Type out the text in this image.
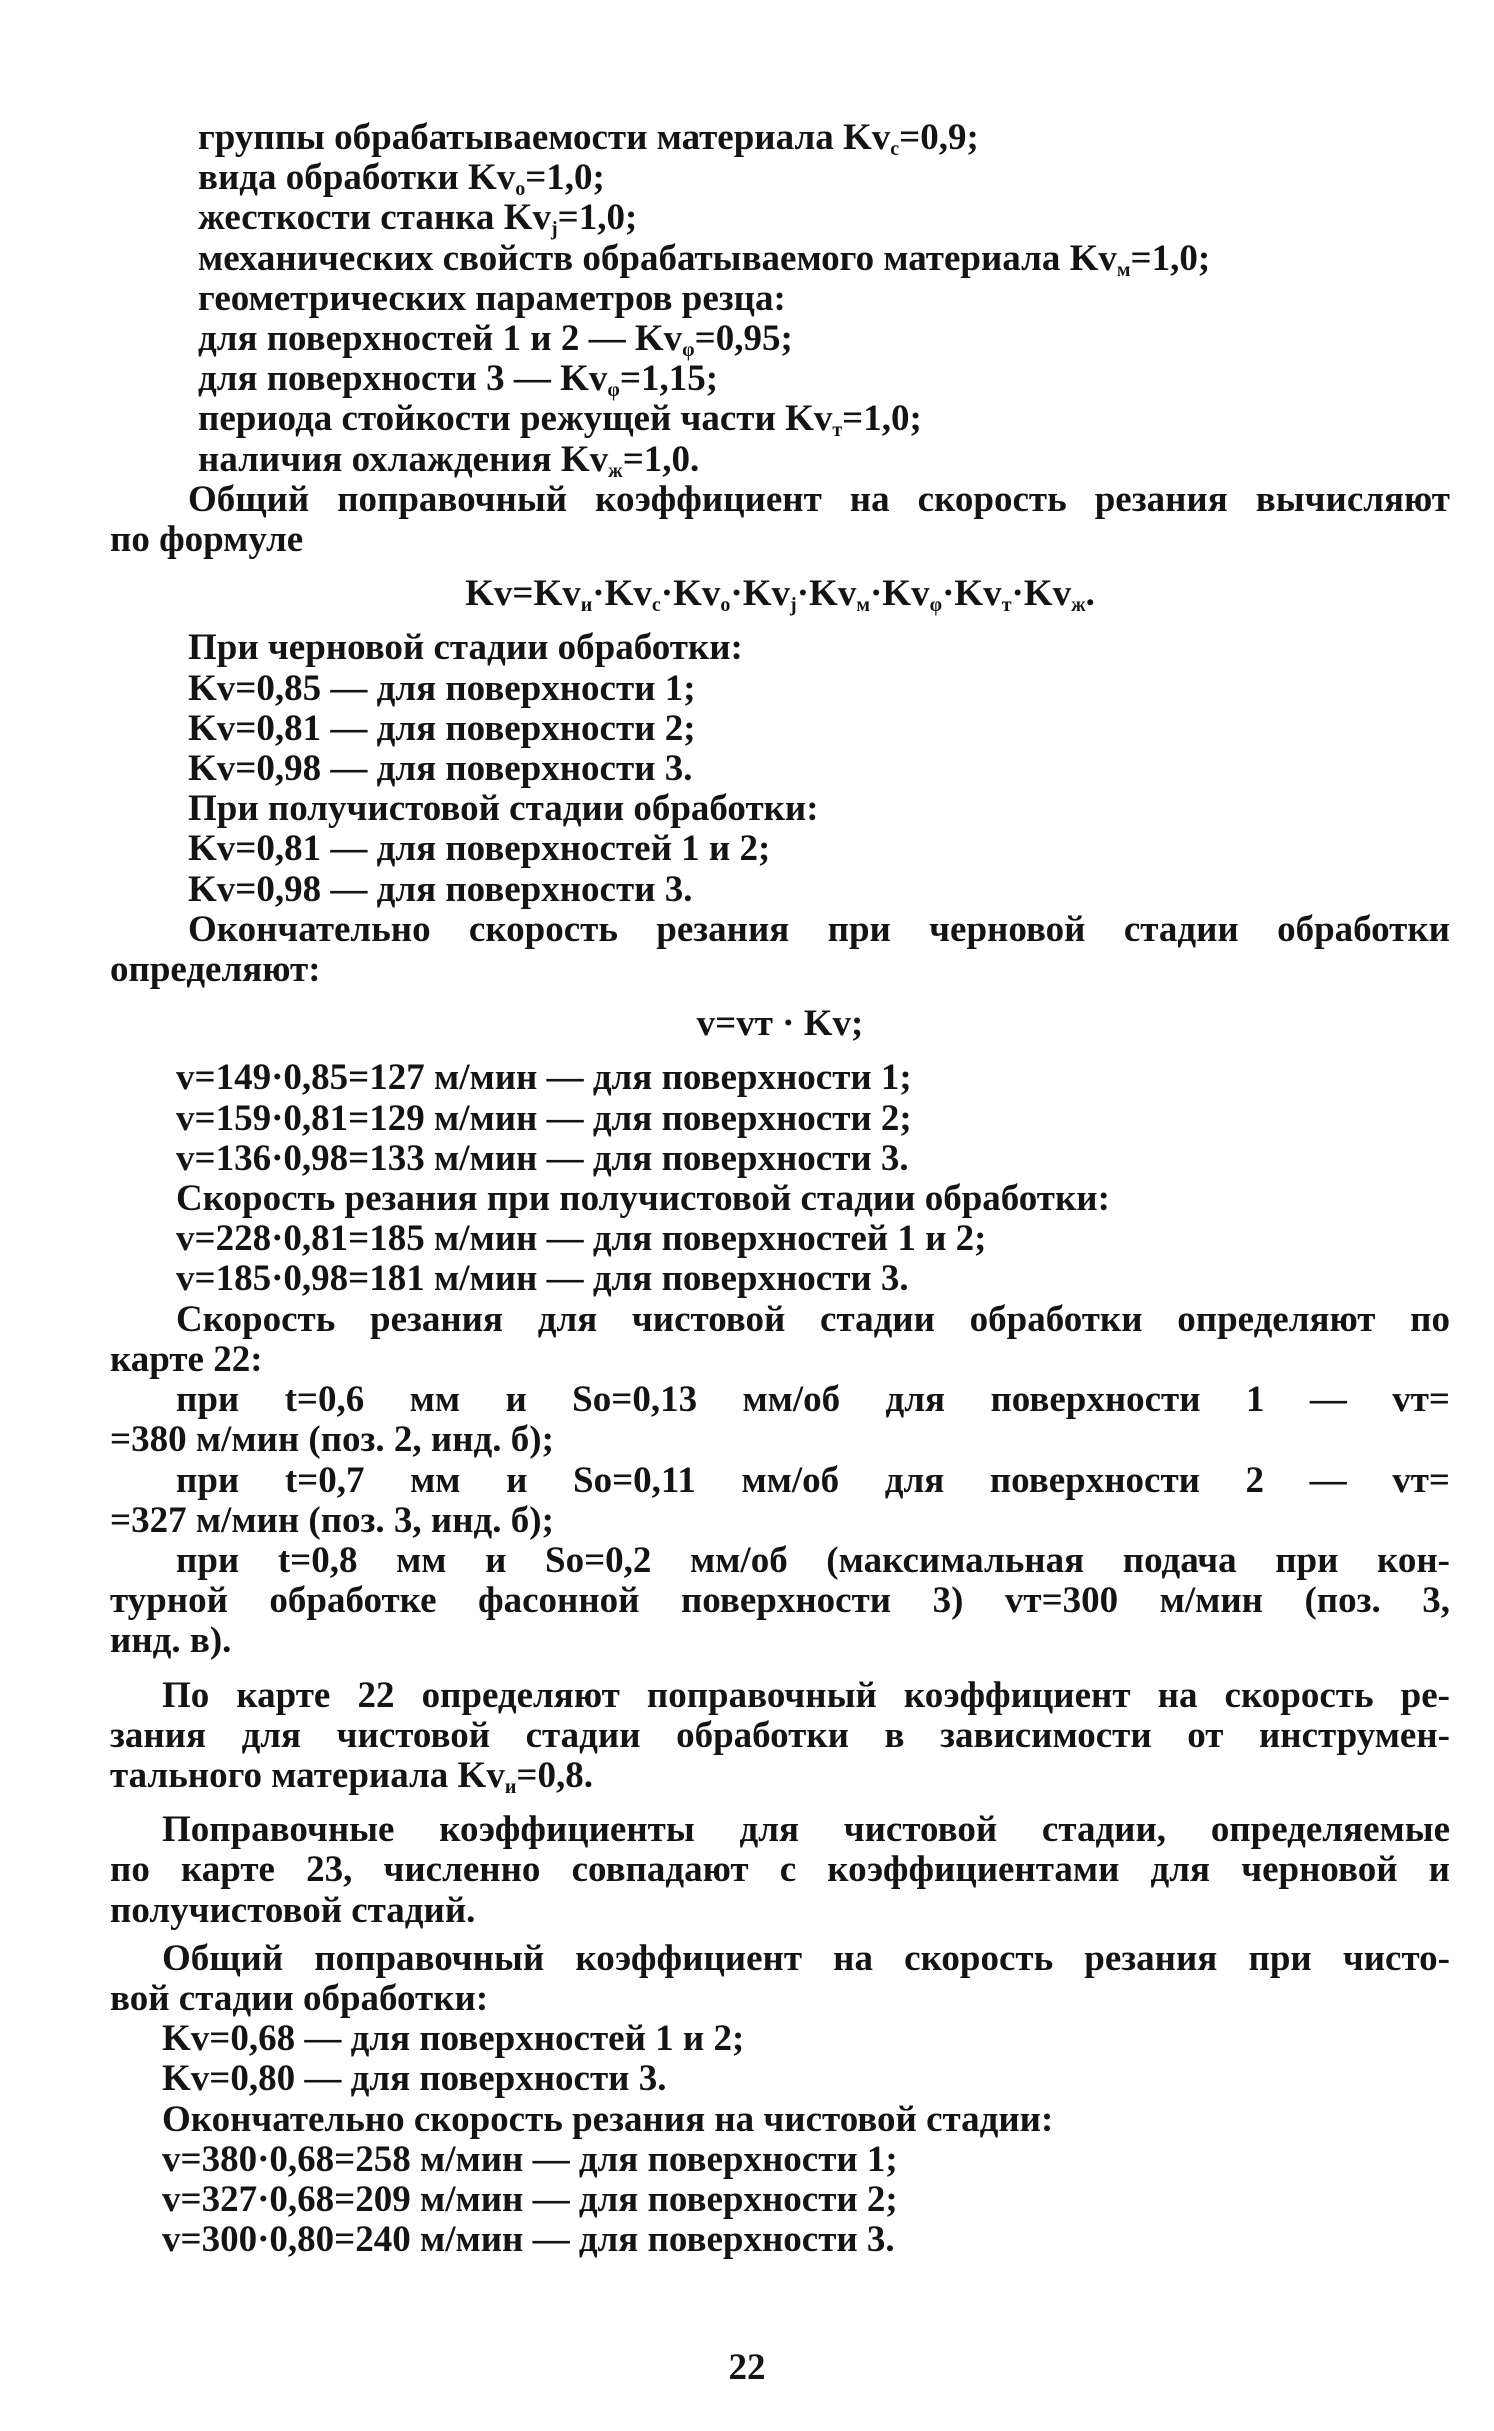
группы обрабатываемости материала $Kv_c=0,9$;
вида обработки $Kv_o=1,0$;
жесткости станка $Kv_j=1,0$;
механических свойств обрабатываемого материала $Kv_м=1,0$;
геометрических параметров резца:
для поверхностей 1 и 2 — $Kv_\varphi=0,95$;
для поверхности 3 — $Kv_\varphi=1,15$;
периода стойкости режущей части $Kv_т=1,0$;
наличия охлаждения $Kv_ж=1,0$.
Общий поправочный коэффициент на скорость резания вычисляют
по формуле
$Kv=Kv_и\cdot Kv_c\cdot Kv_o\cdot Kv_j\cdot Kv_м\cdot Kv_\varphi\cdot Kv_т\cdot Kv_ж$.
При черновой стадии обработки:
Kv=0,85 — для поверхности 1;
Kv=0,81 — для поверхности 2;
Kv=0,98 — для поверхности 3.
При получистовой стадии обработки:
Kv=0,81 — для поверхностей 1 и 2;
Kv=0,98 — для поверхности 3.
Окончательно скорость резания при черновой стадии обработки
определяют:
v=vт · Kv;
v=149·0,85=127 м/мин — для поверхности 1;
v=159·0,81=129 м/мин — для поверхности 2;
v=136·0,98=133 м/мин — для поверхности 3.
Скорость резания при получистовой стадии обработки:
v=228·0,81=185 м/мин — для поверхностей 1 и 2;
v=185·0,98=181 м/мин — для поверхности 3.
Скорость резания для чистовой стадии обработки определяют по
карте 22:
при t=0,6 мм и So=0,13 мм/об для поверхности 1 — vт=
=380 м/мин (поз. 2, инд. б);
при t=0,7 мм и So=0,11 мм/об для поверхности 2 — vт=
=327 м/мин (поз. 3, инд. б);
при t=0,8 мм и So=0,2 мм/об (максимальная подача при кон-
турной обработке фасонной поверхности 3) vт=300 м/мин (поз. 3,
инд. в).
По карте 22 определяют поправочный коэффициент на скорость ре-
зания для чистовой стадии обработки в зависимости от инструмен-
тального материала $Kv_и=0,8$.
Поправочные коэффициенты для чистовой стадии, определяемые
по карте 23, численно совпадают с коэффициентами для черновой и
получистовой стадий.
Общий поправочный коэффициент на скорость резания при чисто-
вой стадии обработки:
Kv=0,68 — для поверхностей 1 и 2;
Kv=0,80 — для поверхности 3.
Окончательно скорость резания на чистовой стадии:
v=380·0,68=258 м/мин — для поверхности 1;
v=327·0,68=209 м/мин — для поверхности 2;
v=300·0,80=240 м/мин — для поверхности 3.
22
